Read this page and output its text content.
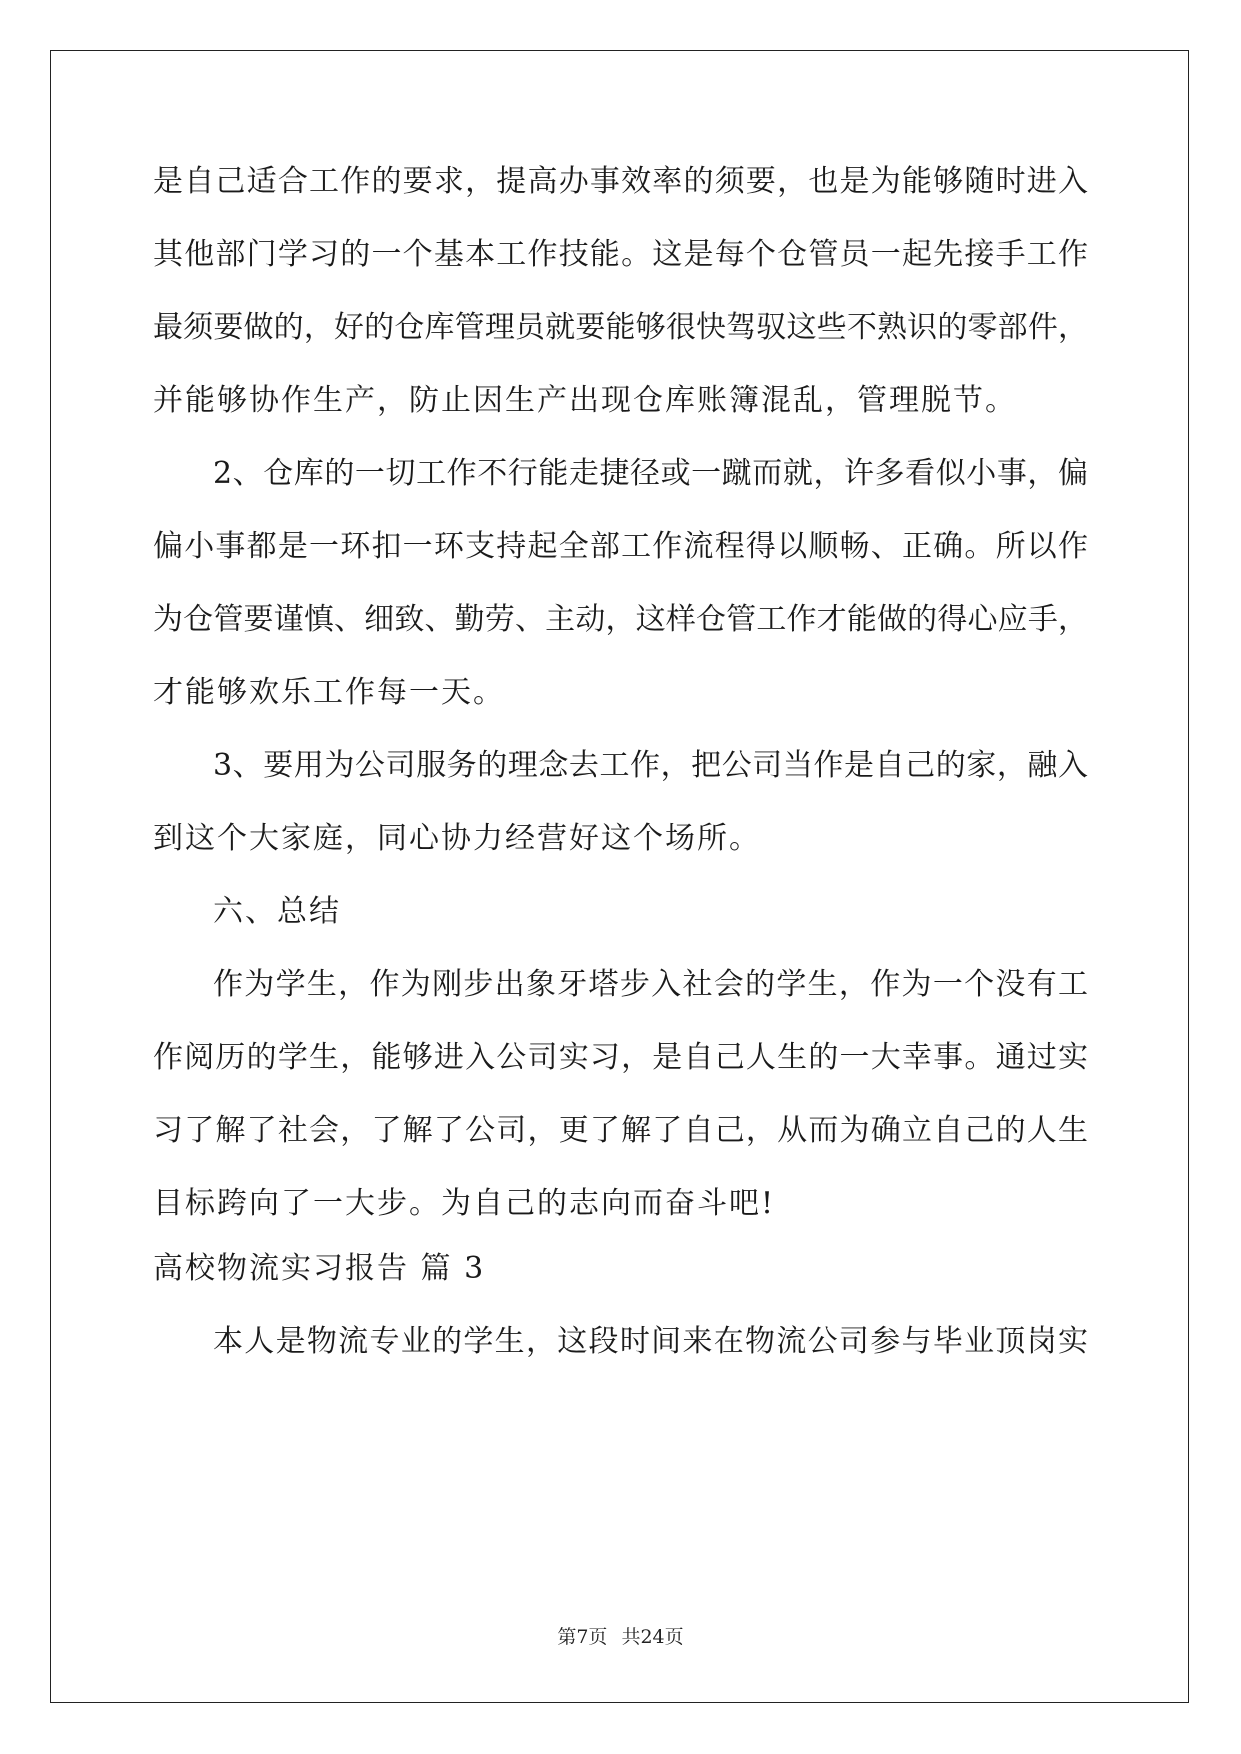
是自己适合工作的要求，提高办事效率的须要，也是为能够随时进入
其他部门学习的一个基本工作技能。这是每个仓管员一起先接手工作
最须要做的，好的仓库管理员就要能够很快驾驭这些不熟识的零部件，
并能够协作生产，防止因生产出现仓库账簿混乱，管理脱节。
2、仓库的一切工作不行能走捷径或一蹴而就，许多看似小事，偏
偏小事都是一环扣一环支持起全部工作流程得以顺畅、正确。所以作
为仓管要谨慎、细致、勤劳、主动，这样仓管工作才能做的得心应手，
才能够欢乐工作每一天。
3、要用为公司服务的理念去工作，把公司当作是自己的家，融入
到这个大家庭，同心协力经营好这个场所。
六、总结
作为学生，作为刚步出象牙塔步入社会的学生，作为一个没有工
作阅历的学生，能够进入公司实习，是自己人生的一大幸事。通过实
习了解了社会，了解了公司，更了解了自己，从而为确立自己的人生
目标跨向了一大步。为自己的志向而奋斗吧!
高校物流实习报告 篇 3
本人是物流专业的学生，这段时间来在物流公司参与毕业顶岗实
第7页 共24页
